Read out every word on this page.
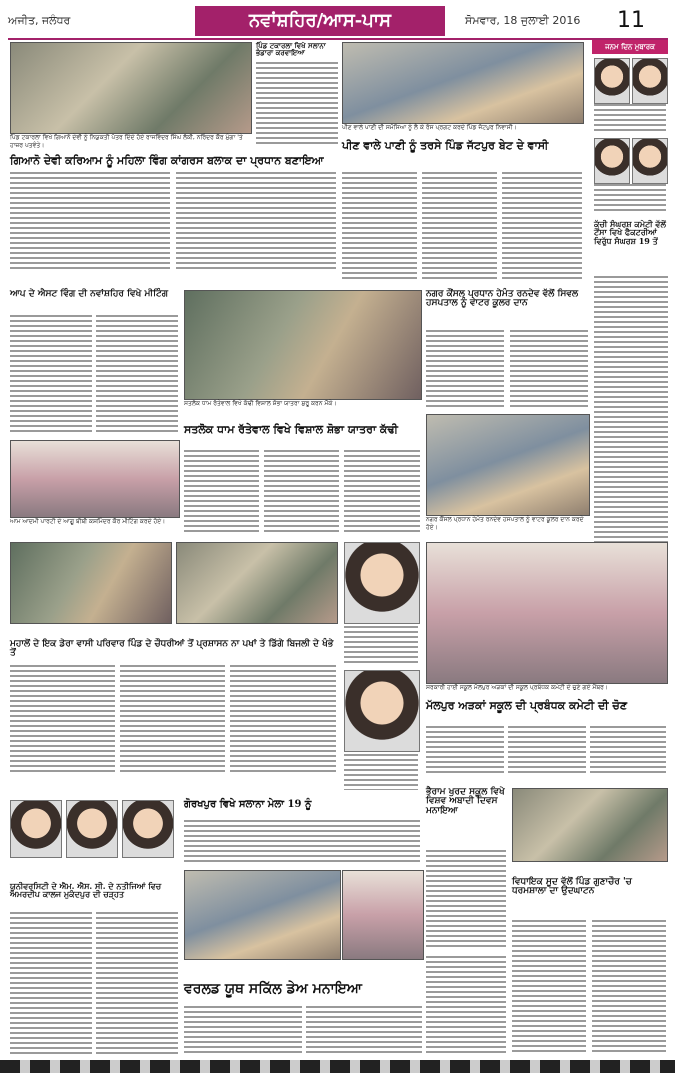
ਅਜੀਤ, ਜਲੰਧਰ	ਨਵਾਂਸ਼ਹਿਰ/ਆਸ-ਪਾਸ	ਸੋਮਵਾਰ, 18 ਜੁਲਾਈ 2016 11
ਪਿੰਡ ਟਕਾਰਲਾ ਵਿਖੇ ਗਿਆਨੋ ਦੇਵੀ ਨੂੰ ਨਿਯੁਕਤੀ ਪੱਤਰ ਦਿੰਦੇ ਹੋਏ ਰਾਜਵਿੰਦਰ ਸਿੰਘ ਲੱਕੀ, ਨਰਿੰਦਰ ਕੌਰ ਮੁੰਗਾ 'ਤੇ ਹਾਜ਼ਰ ਪਤਵੰਤੇ।
ਗਿਆਨੋ ਦੇਵੀ ਕਰਿਆਮ ਨੂੰ ਮਹਿਲਾ ਵਿੰਗ ਕਾਂਗਰਸ ਬਲਾਕ ਦਾ ਪ੍ਰਧਾਨ ਬਣਾਇਆ
ਪਿੰਡ ਟਕਾਰਲਾ ਵਿਖੇ ਸਲਾਨਾ ਭੰਡਾਰਾ ਕਰਵਾਇਆ
ਪੀਣ ਵਾਲੇ ਪਾਣੀ ਦੀ ਸਮੱਸਿਆ ਨੂੰ ਲੈ ਕੇ ਰੋਸ ਪ੍ਰਗਟ ਕਰਦੇ ਪਿੰਡ ਜੱਟਪੁਰ ਨਿਵਾਸੀ।
ਪੀਣ ਵਾਲੇ ਪਾਣੀ ਨੂੰ ਤਰਸੇ ਪਿੰਡ ਜੱਟਪੁਰ ਬੇਟ ਦੇ ਵਾਸੀ
ਜਨਮ ਦਿਨ ਮੁਬਾਰਕ
ਕੱਚੀ ਸੰਘਰਸ਼ ਕਮੇਟੀ ਵੱਲੋਂ ਟੌਂਸਾ ਵਿਖੇ ਫੈਕਟਰੀਆਂ ਵਿਰੁੱਧ ਸੰਘਰਸ਼ 19 ਤੋਂ
ਆਪ ਦੇ ਐਸਟ ਵਿੰਗ ਦੀ ਨਵਾਂਸ਼ਹਿਰ ਵਿਖੇ ਮੀਟਿੰਗ
ਆਮ ਆਦਮੀ ਪਾਰਟੀ ਦੇ ਆਗੂ ਬੀਬੀ ਕਸ਼ਮਿੰਦਰ ਕੌਰ ਮੀਟਿੰਗ ਕਰਦੇ ਹੋਏ।
ਸਤਲੋਕ ਧਾਮ ਰੱਤੇਵਾਲ ਵਿਖੇ ਕੱਢੀ ਵਿਸ਼ਾਲ ਸ਼ੋਭਾ ਯਾਤਰਾ ਸ਼ੁਰੂ ਕਰਨ ਮੌਕੇ।
ਸਤਲੋਕ ਧਾਮ ਰੱਤੇਵਾਲ ਵਿਖੇ ਵਿਸ਼ਾਲ ਸ਼ੋਭਾ ਯਾਤਰਾ ਕੱਢੀ
ਨਗਰ ਕੌਂਸਲ ਪ੍ਰਧਾਨ ਹੇਮੰਤ ਰਨਦੇਵ ਵੱਲੋਂ ਸਿਵਲ ਹਸਪਤਾਲ ਨੂੰ ਵਾਟਰ ਕੂਲਰ ਦਾਨ
ਨਗਰ ਕੌਂਸਲ ਪ੍ਰਧਾਨ ਹੇਮੰਤ ਰਨਦੇਵ ਹਸਪਤਾਲ ਨੂੰ ਵਾਟਰ ਕੂਲਰ ਦਾਨ ਕਰਦੇ ਹੋਏ।
ਮਹਾਲੋਂ ਦੇ ਇਕ ਡੇਰਾ ਵਾਸੀ ਪਰਿਵਾਰ ਪਿੰਡ ਦੇ ਚੌਧਰੀਆਂ ਤੋਂ ਪ੍ਰਸ਼ਾਸਨ ਨਾ ਪਖਾਂ ਤੇ ਡਿੱਗੇ ਬਿਜਲੀ ਦੇ ਖੰਭੇ ਤੋਂ
ਸਰਕਾਰੀ ਹਾਈ ਸਕੂਲ ਮੱਲਪੁਰ ਅੜਕਾਂ ਦੀ ਸਕੂਲ ਪ੍ਰਬੰਧਕ ਕਮੇਟੀ ਦੇ ਚੁਣੇ ਗਏ ਮੈਂਬਰ।
ਮੱਲਪੁਰ ਅੜਕਾਂ ਸਕੂਲ ਦੀ ਪ੍ਰਬੰਧਕ ਕਮੇਟੀ ਦੀ ਚੋਣ
ਗੋਰਖਪੁਰ ਵਿਖੇ ਸਲਾਨਾ ਮੇਲਾ 19 ਨੂੰ
ਯੂਨੀਵਰਸਿਟੀ ਦੇ ਐਮ. ਐਸ. ਸੀ. ਦੇ ਨਤੀਜਿਆਂ ਵਿਚ ਅਮਰਦੀਪ ਕਾਲਜ ਮੁਕੰਦਪੁਰ ਦੀ ਚੜ੍ਹਤ
ਵਰਲਡ ਯੂਥ ਸਕਿੱਲ ਡੇਅ ਮਨਾਇਆ
ਭੈਰਾਮ ਖੁਰਦ ਸਕੂਲ ਵਿਖੇ ਵਿਸ਼ਵ ਅਬਾਦੀ ਦਿਵਸ ਮਨਾਇਆ
ਵਿਧਾਇਕ ਸੂਦ ਵੱਲੋਂ ਪਿੰਡ ਗੁਣਾਚੌਰ 'ਚ ਧਰਮਸ਼ਾਲਾ ਦਾ ਉਦਘਾਟਨ
